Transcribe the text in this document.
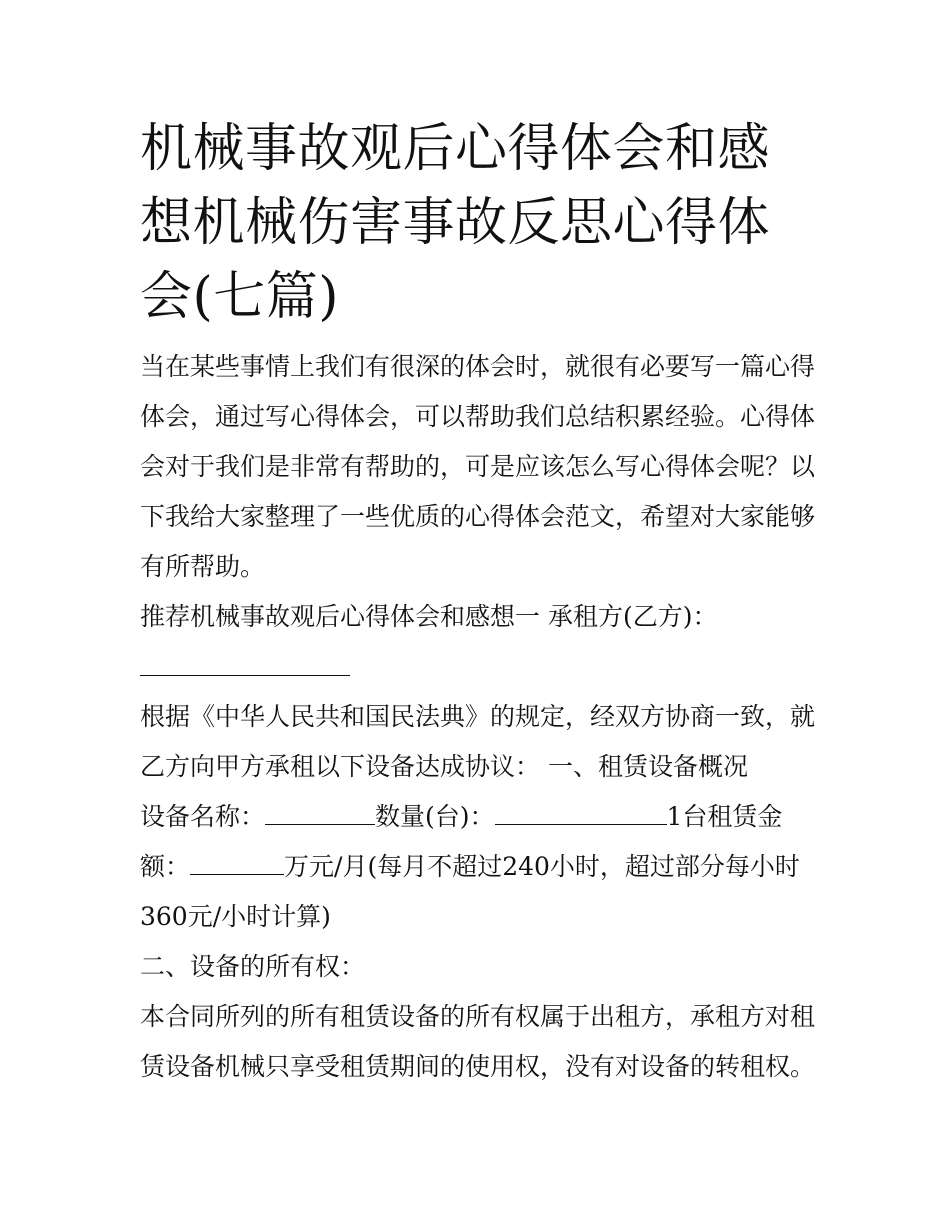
机械事故观后心得体会和感想机械伤害事故反思心得体会(七篇)

当在某些事情上我们有很深的体会时，就很有必要写一篇心得体会，通过写心得体会，可以帮助我们总结积累经验。心得体会对于我们是非常有帮助的，可是应该怎么写心得体会呢？以下我给大家整理了一些优质的心得体会范文，希望对大家能够有所帮助。

推荐机械事故观后心得体会和感想一 承租方(乙方)：

根据《中华人民共和国民法典》的规定，经双方协商一致，就乙方向甲方承租以下设备达成协议： 一、租赁设备概况

设备名称：	数量(台)：	1台租赁金

额：	万元/月(每月不超过240小时，超过部分每小时

360元/小时计算)

二、设备的所有权：

本合同所列的所有租赁设备的所有权属于出租方，承租方对租赁设备机械只享受租赁期间的使用权，没有对设备的转租权。
